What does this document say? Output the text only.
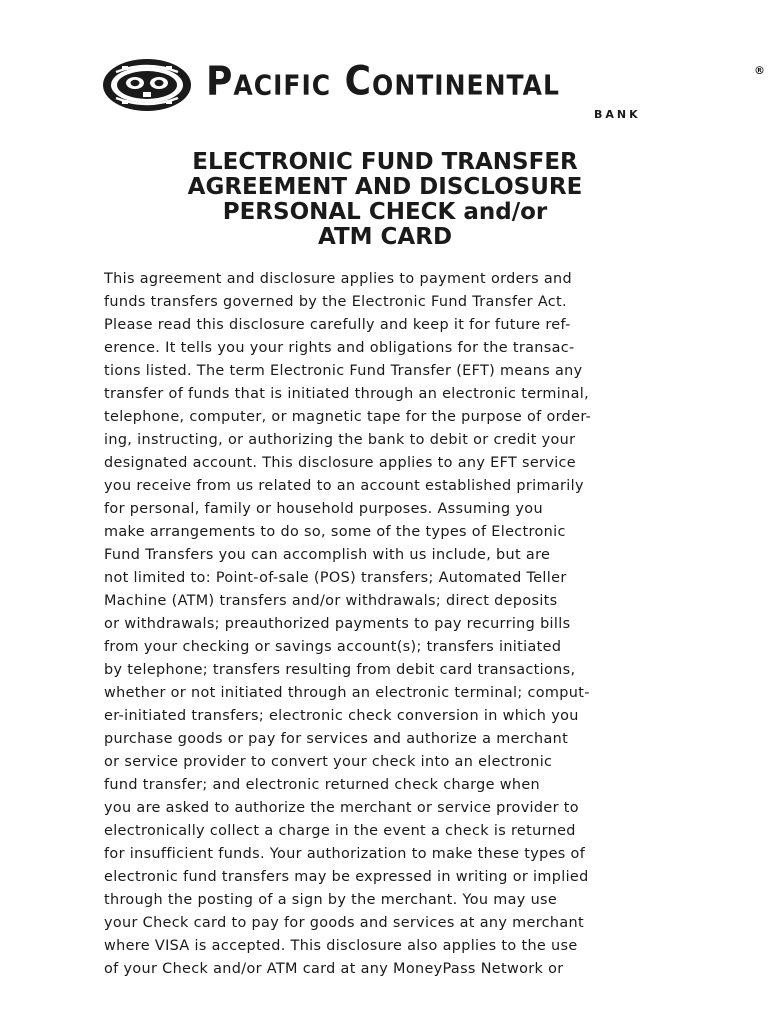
Pacific Continental	®
BANK
ELECTRONIC FUND TRANSFER
AGREEMENT AND DISCLOSURE
PERSONAL CHECK and/or
ATM CARD
This agreement and disclosure applies to payment orders and
funds transfers governed by the Electronic Fund Transfer Act.
Please read this disclosure carefully and keep it for future ref-
erence. It tells you your rights and obligations for the transac-
tions listed. The term Electronic Fund Transfer (EFT) means any
transfer of funds that is initiated through an electronic terminal,
telephone, computer, or magnetic tape for the purpose of order-
ing, instructing, or authorizing the bank to debit or credit your
designated account. This disclosure applies to any EFT service
you receive from us related to an account established primarily
for personal, family or household purposes. Assuming you
make arrangements to do so, some of the types of Electronic
Fund Transfers you can accomplish with us include, but are
not limited to: Point-of-sale (POS) transfers; Automated Teller
Machine (ATM) transfers and/or withdrawals; direct deposits
or withdrawals; preauthorized payments to pay recurring bills
from your checking or savings account(s); transfers initiated
by telephone; transfers resulting from debit card transactions,
whether or not initiated through an electronic terminal; comput-
er-initiated transfers; electronic check conversion in which you
purchase goods or pay for services and authorize a merchant
or service provider to convert your check into an electronic
fund transfer; and electronic returned check charge when
you are asked to authorize the merchant or service provider to
electronically collect a charge in the event a check is returned
for insufficient funds. Your authorization to make these types of
electronic fund transfers may be expressed in writing or implied
through the posting of a sign by the merchant. You may use
your Check card to pay for goods and services at any merchant
where VISA is accepted. This disclosure also applies to the use
of your Check and/or ATM card at any MoneyPass Network or
